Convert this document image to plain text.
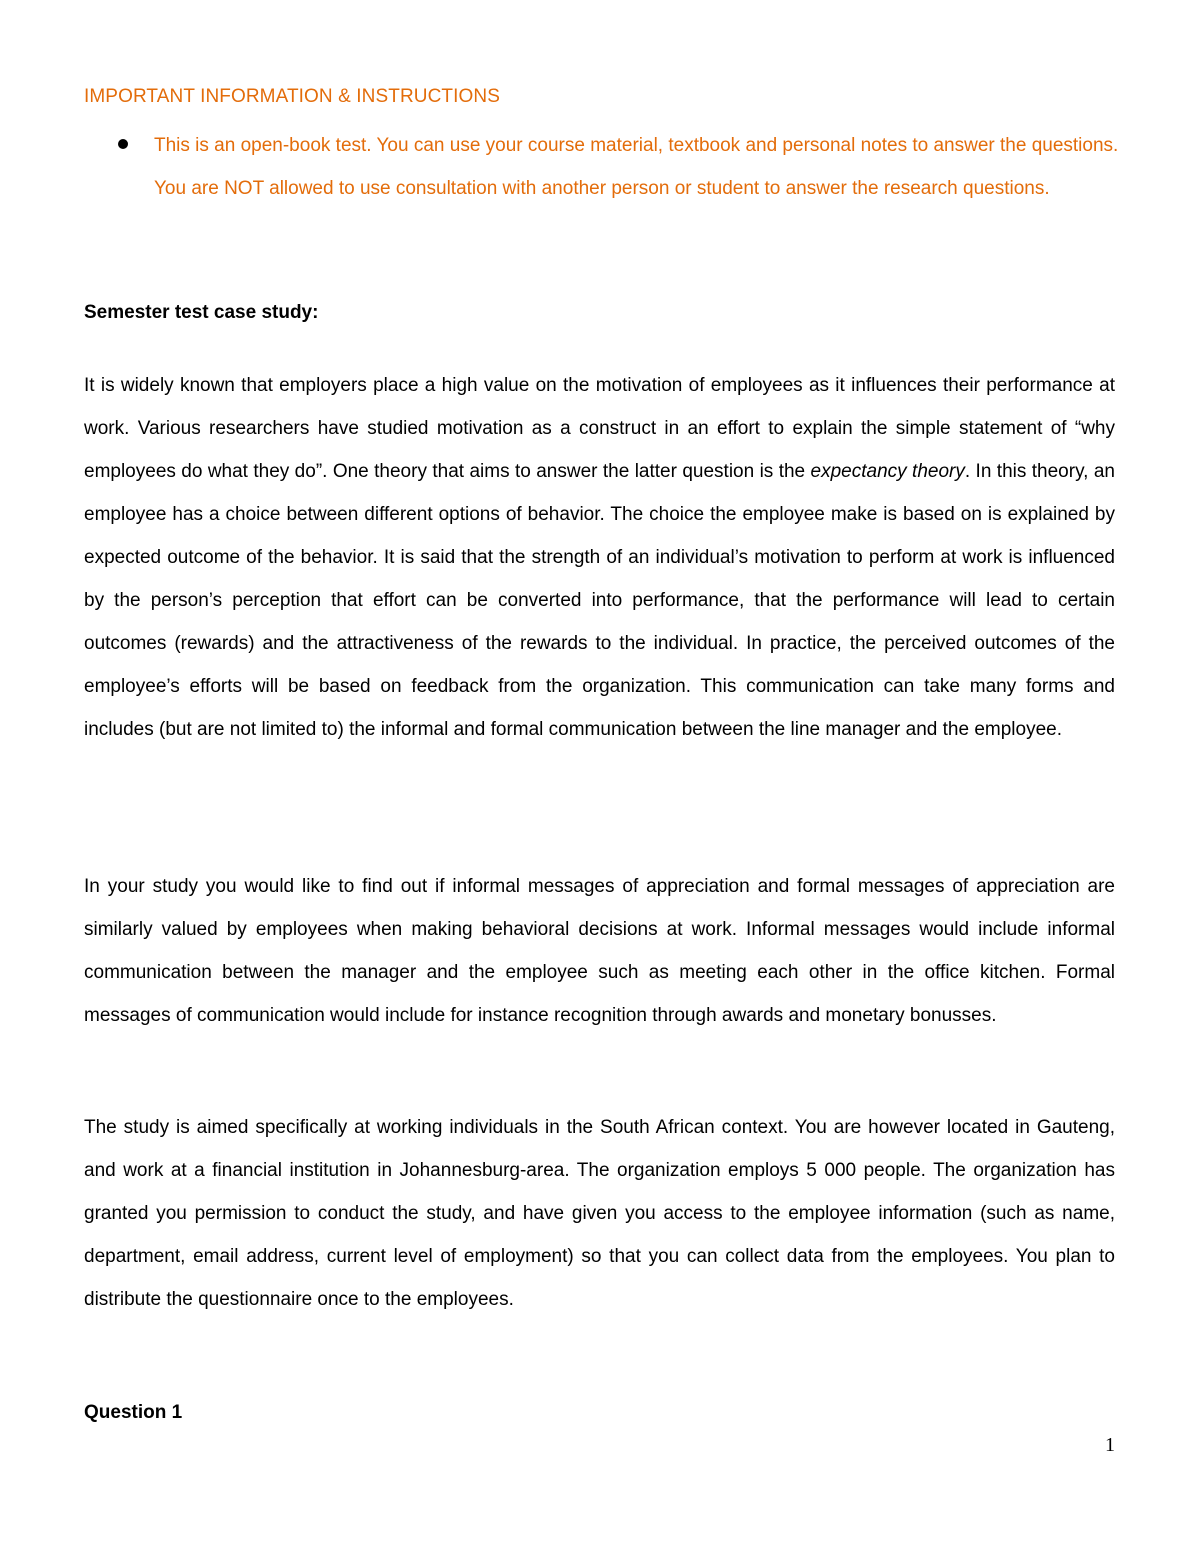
IMPORTANT INFORMATION & INSTRUCTIONS
This is an open-book test. You can use your course material, textbook and personal notes to answer the questions. You are NOT allowed to use consultation with another person or student to answer the research questions.
Semester test case study:

It is widely known that employers place a high value on the motivation of employees as it influences their performance at work. Various researchers have studied motivation as a construct in an effort to explain the simple statement of “why employees do what they do”. One theory that aims to answer the latter question is the expectancy theory. In this theory, an employee has a choice between different options of behavior. The choice the employee make is based on is explained by expected outcome of the behavior. It is said that the strength of an individual’s motivation to perform at work is influenced by the person’s perception that effort can be converted into performance, that the performance will lead to certain outcomes (rewards) and the attractiveness of the rewards to the individual. In practice, the perceived outcomes of the employee’s efforts will be based on feedback from the organization. This communication can take many forms and includes (but are not limited to) the informal and formal communication between the line manager and the employee.

In your study you would like to find out if informal messages of appreciation and formal messages of appreciation are similarly valued by employees when making behavioral decisions at work. Informal messages would include informal communication between the manager and the employee such as meeting each other in the office kitchen. Formal messages of communication would include for instance recognition through awards and monetary bonusses.

The study is aimed specifically at working individuals in the South African context. You are however located in Gauteng, and work at a financial institution in Johannesburg-area. The organization employs 5 000 people. The organization has granted you permission to conduct the study, and have given you access to the employee information (such as name, department, email address, current level of employment) so that you can collect data from the employees. You plan to distribute the questionnaire once to the employees.

Question 1
1
